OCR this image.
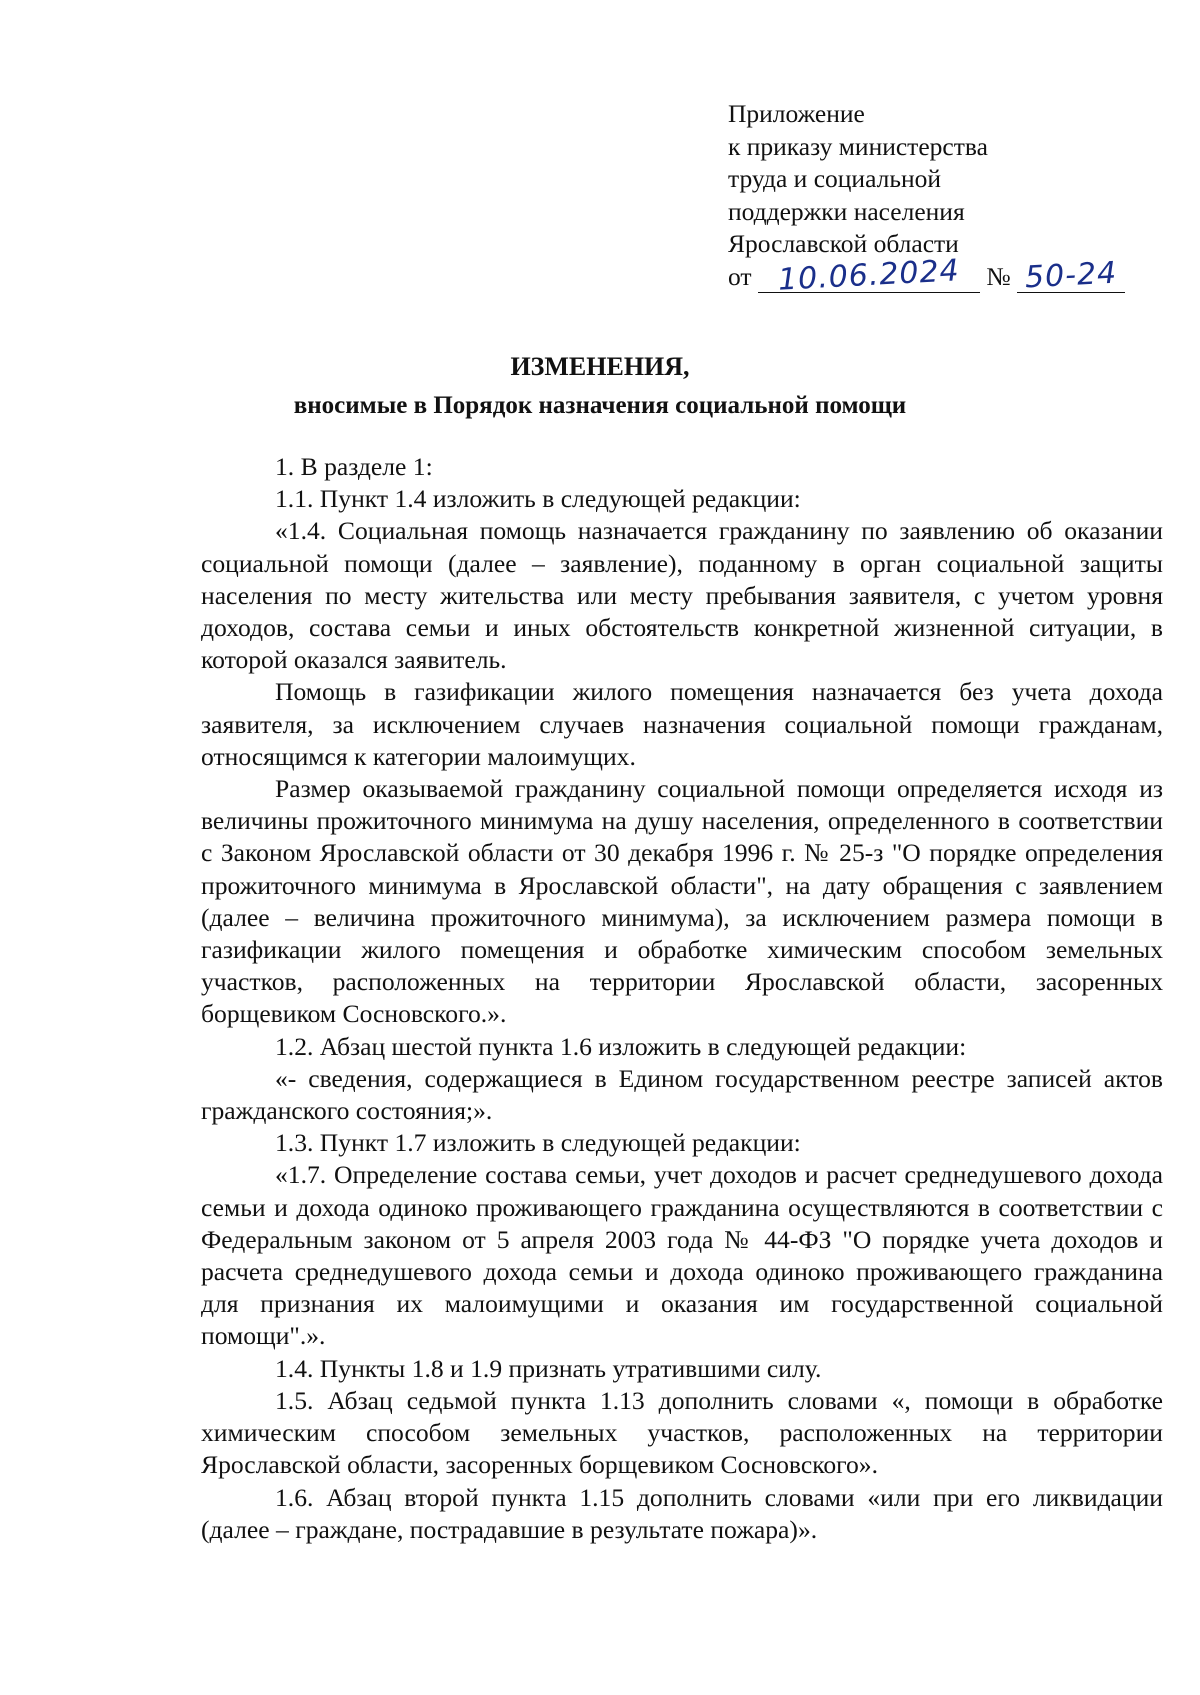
Приложение
к приказу министерства
труда и социальной
поддержки населения
Ярославской области
от 10.06.2024 № 50-24
ИЗМЕНЕНИЯ,
вносимые в Порядок назначения социальной помощи

1. В разделе 1:

1.1. Пункт 1.4 изложить в следующей редакции:

«1.4. Социальная помощь назначается гражданину по заявлению об оказании социальной помощи (далее – заявление), поданному в орган социальной защиты населения по месту жительства или месту пребывания заявителя, с учетом уровня доходов, состава семьи и иных обстоятельств конкретной жизненной ситуации, в которой оказался заявитель.

Помощь в газификации жилого помещения назначается без учета дохода заявителя, за исключением случаев назначения социальной помощи гражданам, относящимся к категории малоимущих.

Размер оказываемой гражданину социальной помощи определяется исходя из величины прожиточного минимума на душу населения, определенного в соответствии с Законом Ярославской области от 30 декабря 1996 г. № 25-з "О порядке определения прожиточного минимума в Ярославской области", на дату обращения с заявлением (далее – величина прожиточного минимума), за исключением размера помощи в газификации жилого помещения и обработке химическим способом земельных участков, расположенных на территории Ярославской области, засоренных борщевиком Сосновского.».

1.2. Абзац шестой пункта 1.6 изложить в следующей редакции:

«- сведения, содержащиеся в Едином государственном реестре записей актов гражданского состояния;».

1.3. Пункт 1.7 изложить в следующей редакции:

«1.7. Определение состава семьи, учет доходов и расчет среднедушевого дохода семьи и дохода одиноко проживающего гражданина осуществляются в соответствии с Федеральным законом от 5 апреля 2003 года № 44-ФЗ "О порядке учета доходов и расчета среднедушевого дохода семьи и дохода одиноко проживающего гражданина для признания их малоимущими и оказания им государственной социальной помощи".».

1.4. Пункты 1.8 и 1.9 признать утратившими силу.

1.5. Абзац седьмой пункта 1.13 дополнить словами «, помощи в обработке химическим способом земельных участков, расположенных на территории Ярославской области, засоренных борщевиком Сосновского».

1.6. Абзац второй пункта 1.15 дополнить словами «или при его ликвидации (далее – граждане, пострадавшие в результате пожара)».
